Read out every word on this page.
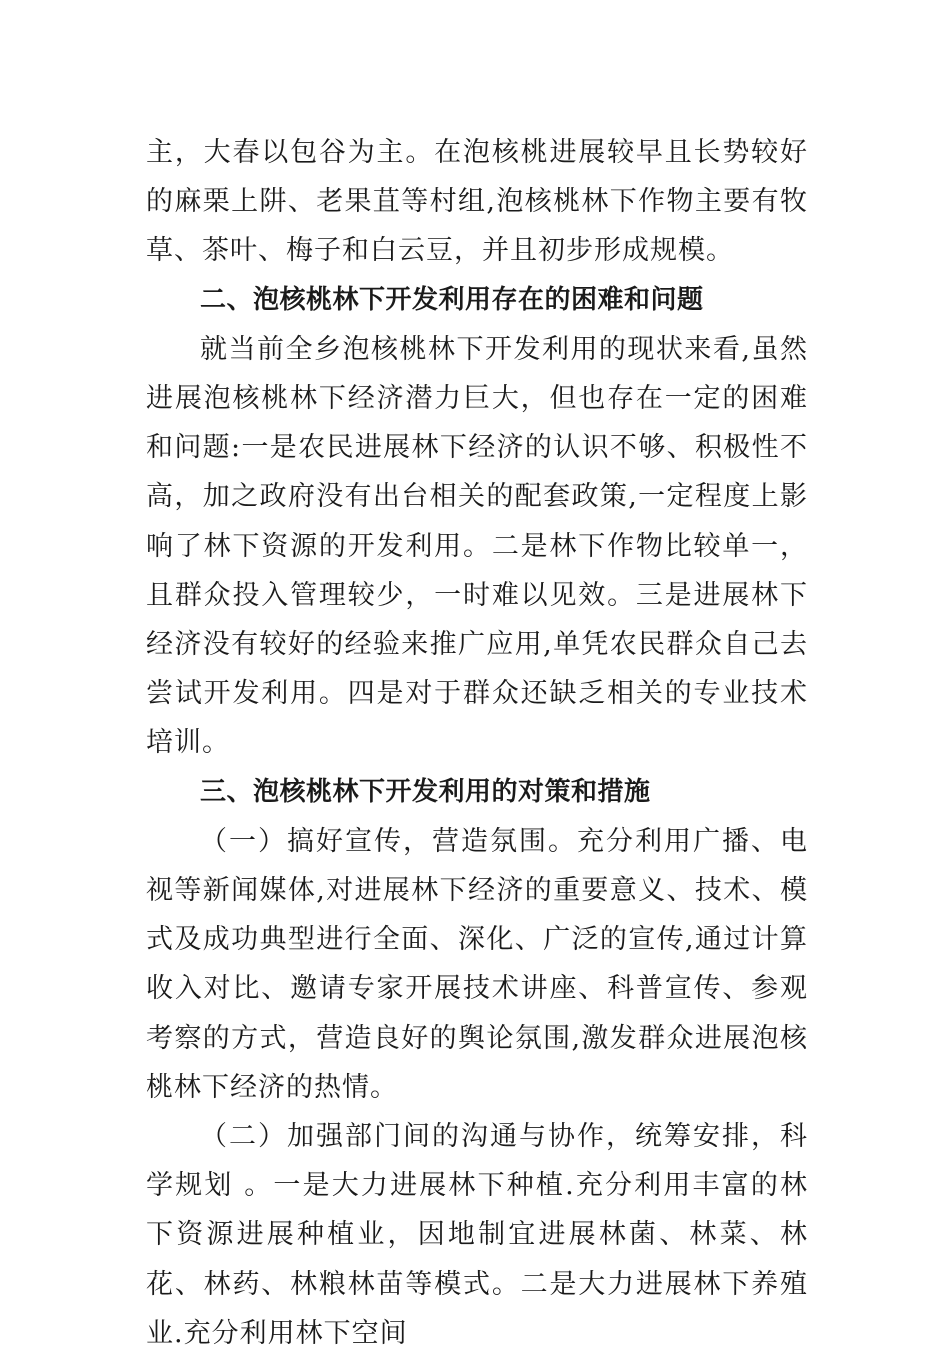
主，大春以包谷为主。在泡核桃进展较早且长势较好的麻栗上阱、老果苴等村组,泡核桃林下作物主要有牧草、茶叶、梅子和白云豆，并且初步形成规模。

二、泡核桃林下开发利用存在的困难和问题

就当前全乡泡核桃林下开发利用的现状来看,虽然进展泡核桃林下经济潜力巨大，但也存在一定的困难和问题:一是农民进展林下经济的认识不够、积极性不高，加之政府没有出台相关的配套政策,一定程度上影响了林下资源的开发利用。二是林下作物比较单一，且群众投入管理较少，一时难以见效。三是进展林下经济没有较好的经验来推广应用,单凭农民群众自己去尝试开发利用。四是对于群众还缺乏相关的专业技术培训。

三、泡核桃林下开发利用的对策和措施

（一）搞好宣传，营造氛围。充分利用广播、电视等新闻媒体,对进展林下经济的重要意义、技术、模式及成功典型进行全面、深化、广泛的宣传,通过计算收入对比、邀请专家开展技术讲座、科普宣传、参观考察的方式，营造良好的舆论氛围,激发群众进展泡核桃林下经济的热情。

（二）加强部门间的沟通与协作，统筹安排，科学规划 。一是大力进展林下种植.充分利用丰富的林下资源进展种植业，因地制宜进展林菌、林菜、林花、林药、林粮林苗等模式。二是大力进展林下养殖业.充分利用林下空间
